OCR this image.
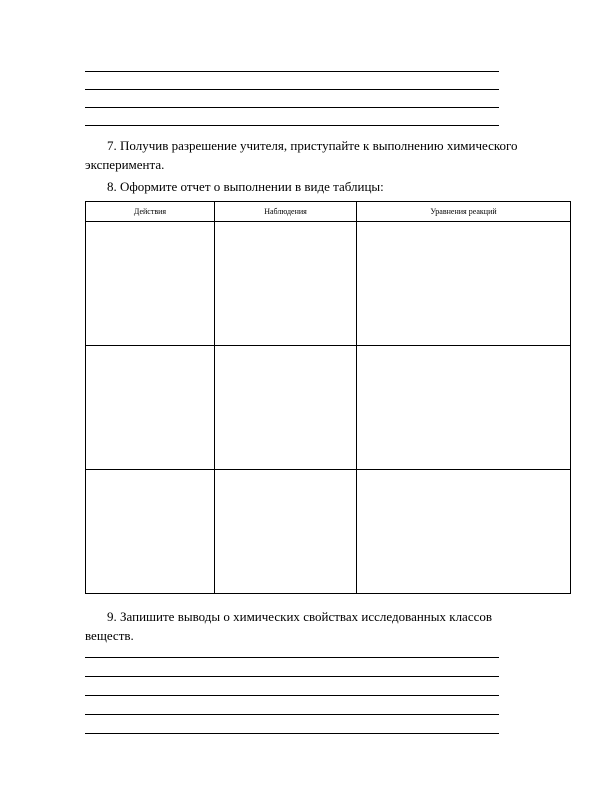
7. Получив разрешение учителя, приступайте к выполнению химического
эксперимента.
8. Оформите отчет о выполнении в виде таблицы:
Действия	Наблюдения	Уравнения реакций

9. Запишите выводы о химических свойствах исследованных классов
веществ.
